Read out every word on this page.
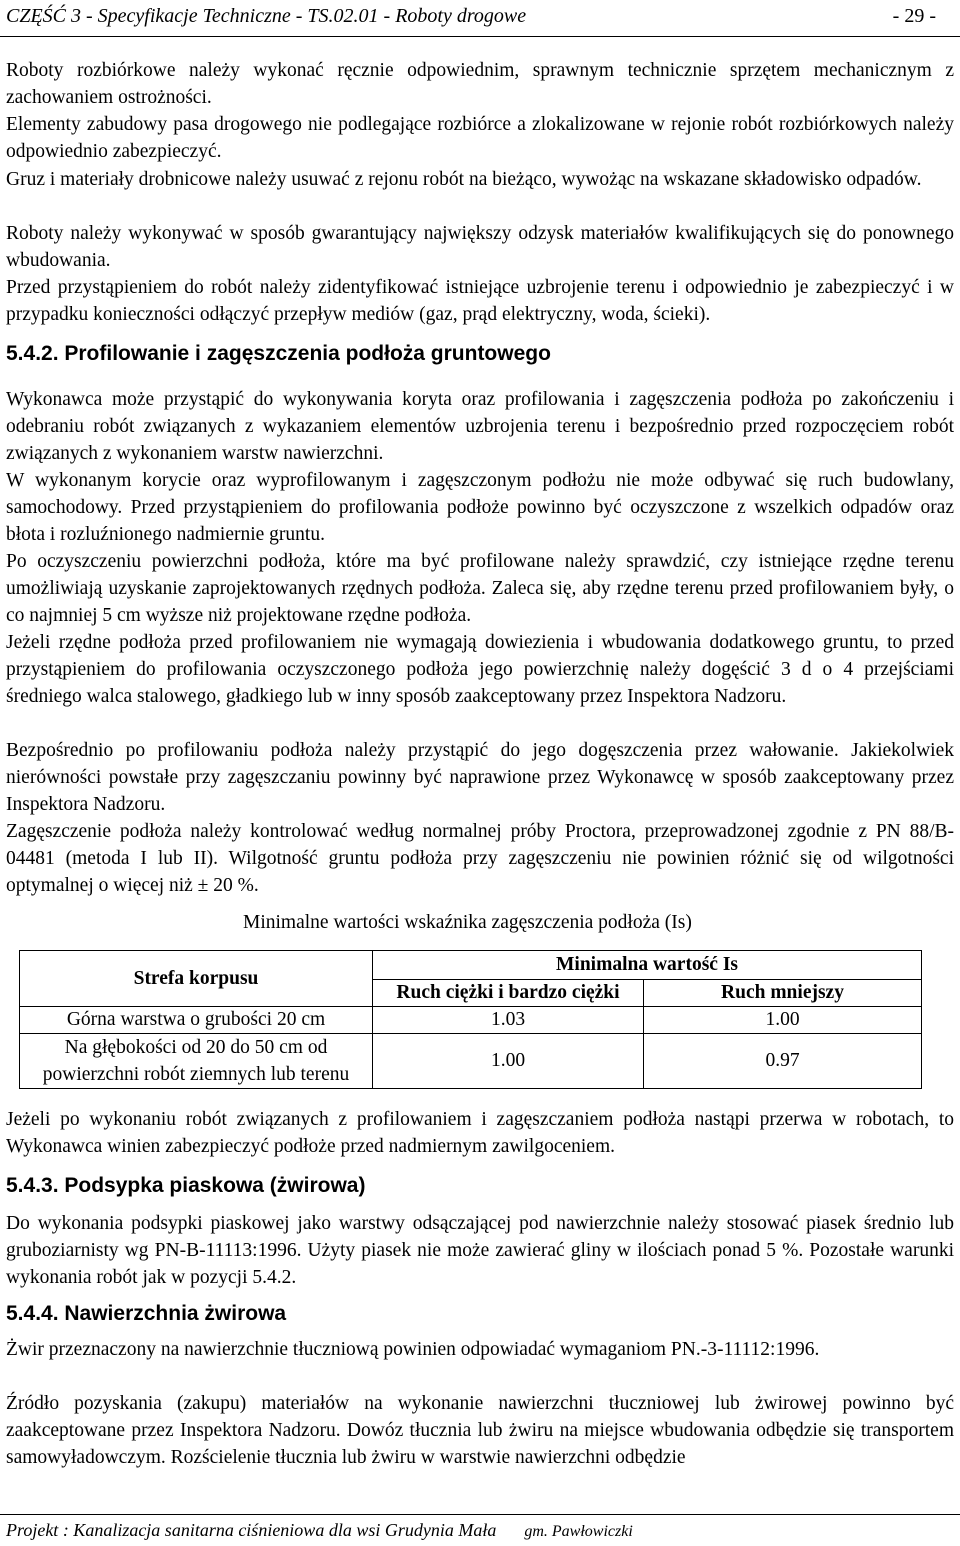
CZĘŚĆ 3 - Specyfikacje Techniczne - TS.02.01 - Roboty drogowe	- 29 -

Roboty rozbiórkowe należy wykonać ręcznie odpowiednim, sprawnym technicznie sprzętem mechanicznym z zachowaniem ostrożności.

Elementy zabudowy pasa drogowego nie podlegające rozbiórce a zlokalizowane w rejonie robót rozbiórkowych należy odpowiednio zabezpieczyć.

Gruz i materiały drobnicowe należy usuwać z rejonu robót na bieżąco, wywożąc na wskazane składowisko odpadów.

Roboty należy wykonywać w sposób gwarantujący największy odzysk materiałów kwalifikujących się do ponownego wbudowania.

Przed przystąpieniem do robót należy zidentyfikować istniejące uzbrojenie terenu i odpowiednio je zabezpieczyć i w przypadku konieczności odłączyć przepływ mediów (gaz, prąd elektryczny, woda, ścieki).

5.4.2. Profilowanie i zagęszczenia podłoża gruntowego

Wykonawca może przystąpić do wykonywania koryta oraz profilowania i zagęszczenia podłoża po zakończeniu i odebraniu robót związanych z wykazaniem elementów uzbrojenia terenu i bezpośrednio przed rozpoczęciem robót związanych z wykonaniem warstw nawierzchni.

W wykonanym korycie oraz wyprofilowanym i zagęszczonym podłożu nie może odbywać się ruch budowlany, samochodowy. Przed przystąpieniem do profilowania podłoże powinno być oczyszczone z wszelkich odpadów oraz błota i rozluźnionego nadmiernie gruntu.

Po oczyszczeniu powierzchni podłoża, które ma być profilowane należy sprawdzić, czy istniejące rzędne terenu umożliwiają uzyskanie zaprojektowanych rzędnych podłoża. Zaleca się, aby rzędne terenu przed profilowaniem były, o co najmniej 5 cm wyższe niż projektowane rzędne podłoża.

Jeżeli rzędne podłoża przed profilowaniem nie wymagają dowiezienia i wbudowania dodatkowego gruntu, to przed przystąpieniem do profilowania oczyszczonego podłoża jego powierzchnię należy dogęścić 3 d o 4 przejściami średniego walca stalowego, gładkiego lub w inny sposób zaakceptowany przez Inspektora Nadzoru.

Bezpośrednio po profilowaniu podłoża należy przystąpić do jego dogęszczenia przez wałowanie. Jakiekolwiek nierówności powstałe przy zagęszczaniu powinny być naprawione przez Wykonawcę w sposób zaakceptowany przez Inspektora Nadzoru.

Zagęszczenie podłoża należy kontrolować według normalnej próby Proctora, przeprowadzonej zgodnie z PN 88/B- 04481 (metoda I lub II). Wilgotność gruntu podłoża przy zagęszczeniu nie powinien różnić się od wilgotności optymalnej o więcej niż ± 20 %.

Minimalne wartości wskaźnika zagęszczenia podłoża (Is)
Strefa korpusu	Minimalna wartość Is	
	Ruch ciężki i bardzo ciężki	Ruch mniejszy
Górna warstwa o grubości 20 cm	1.03	1.00
Na głębokości od 20 do 50 cm od
powierzchni robót ziemnych lub terenu	1.00	0.97

Jeżeli po wykonaniu robót związanych z profilowaniem i zagęszczaniem podłoża nastąpi przerwa w robotach, to Wykonawca winien zabezpieczyć podłoże przed nadmiernym zawilgoceniem.

5.4.3. Podsypka piaskowa (żwirowa)

Do wykonania podsypki piaskowej jako warstwy odsączającej pod nawierzchnie należy stosować piasek średnio lub gruboziarnisty wg PN-B-11113:1996. Użyty piasek nie może zawierać gliny w ilościach ponad 5 %. Pozostałe warunki wykonania robót jak w pozycji 5.4.2.

5.4.4. Nawierzchnia żwirowa

Żwir przeznaczony na nawierzchnie tłuczniową powinien odpowiadać wymaganiom PN.-3-11112:1996.

Źródło pozyskania (zakupu) materiałów na wykonanie nawierzchni tłuczniowej lub żwirowej powinno być zaakceptowane przez Inspektora Nadzoru. Dowóz tłucznia lub żwiru na miejsce wbudowania odbędzie się transportem samowyładowczym. Rozścielenie tłucznia lub żwiru w warstwie nawierzchni odbędzie

Projekt : Kanalizacja sanitarna ciśnieniowa dla wsi Grudynia Mała gm. Pawłowiczki
